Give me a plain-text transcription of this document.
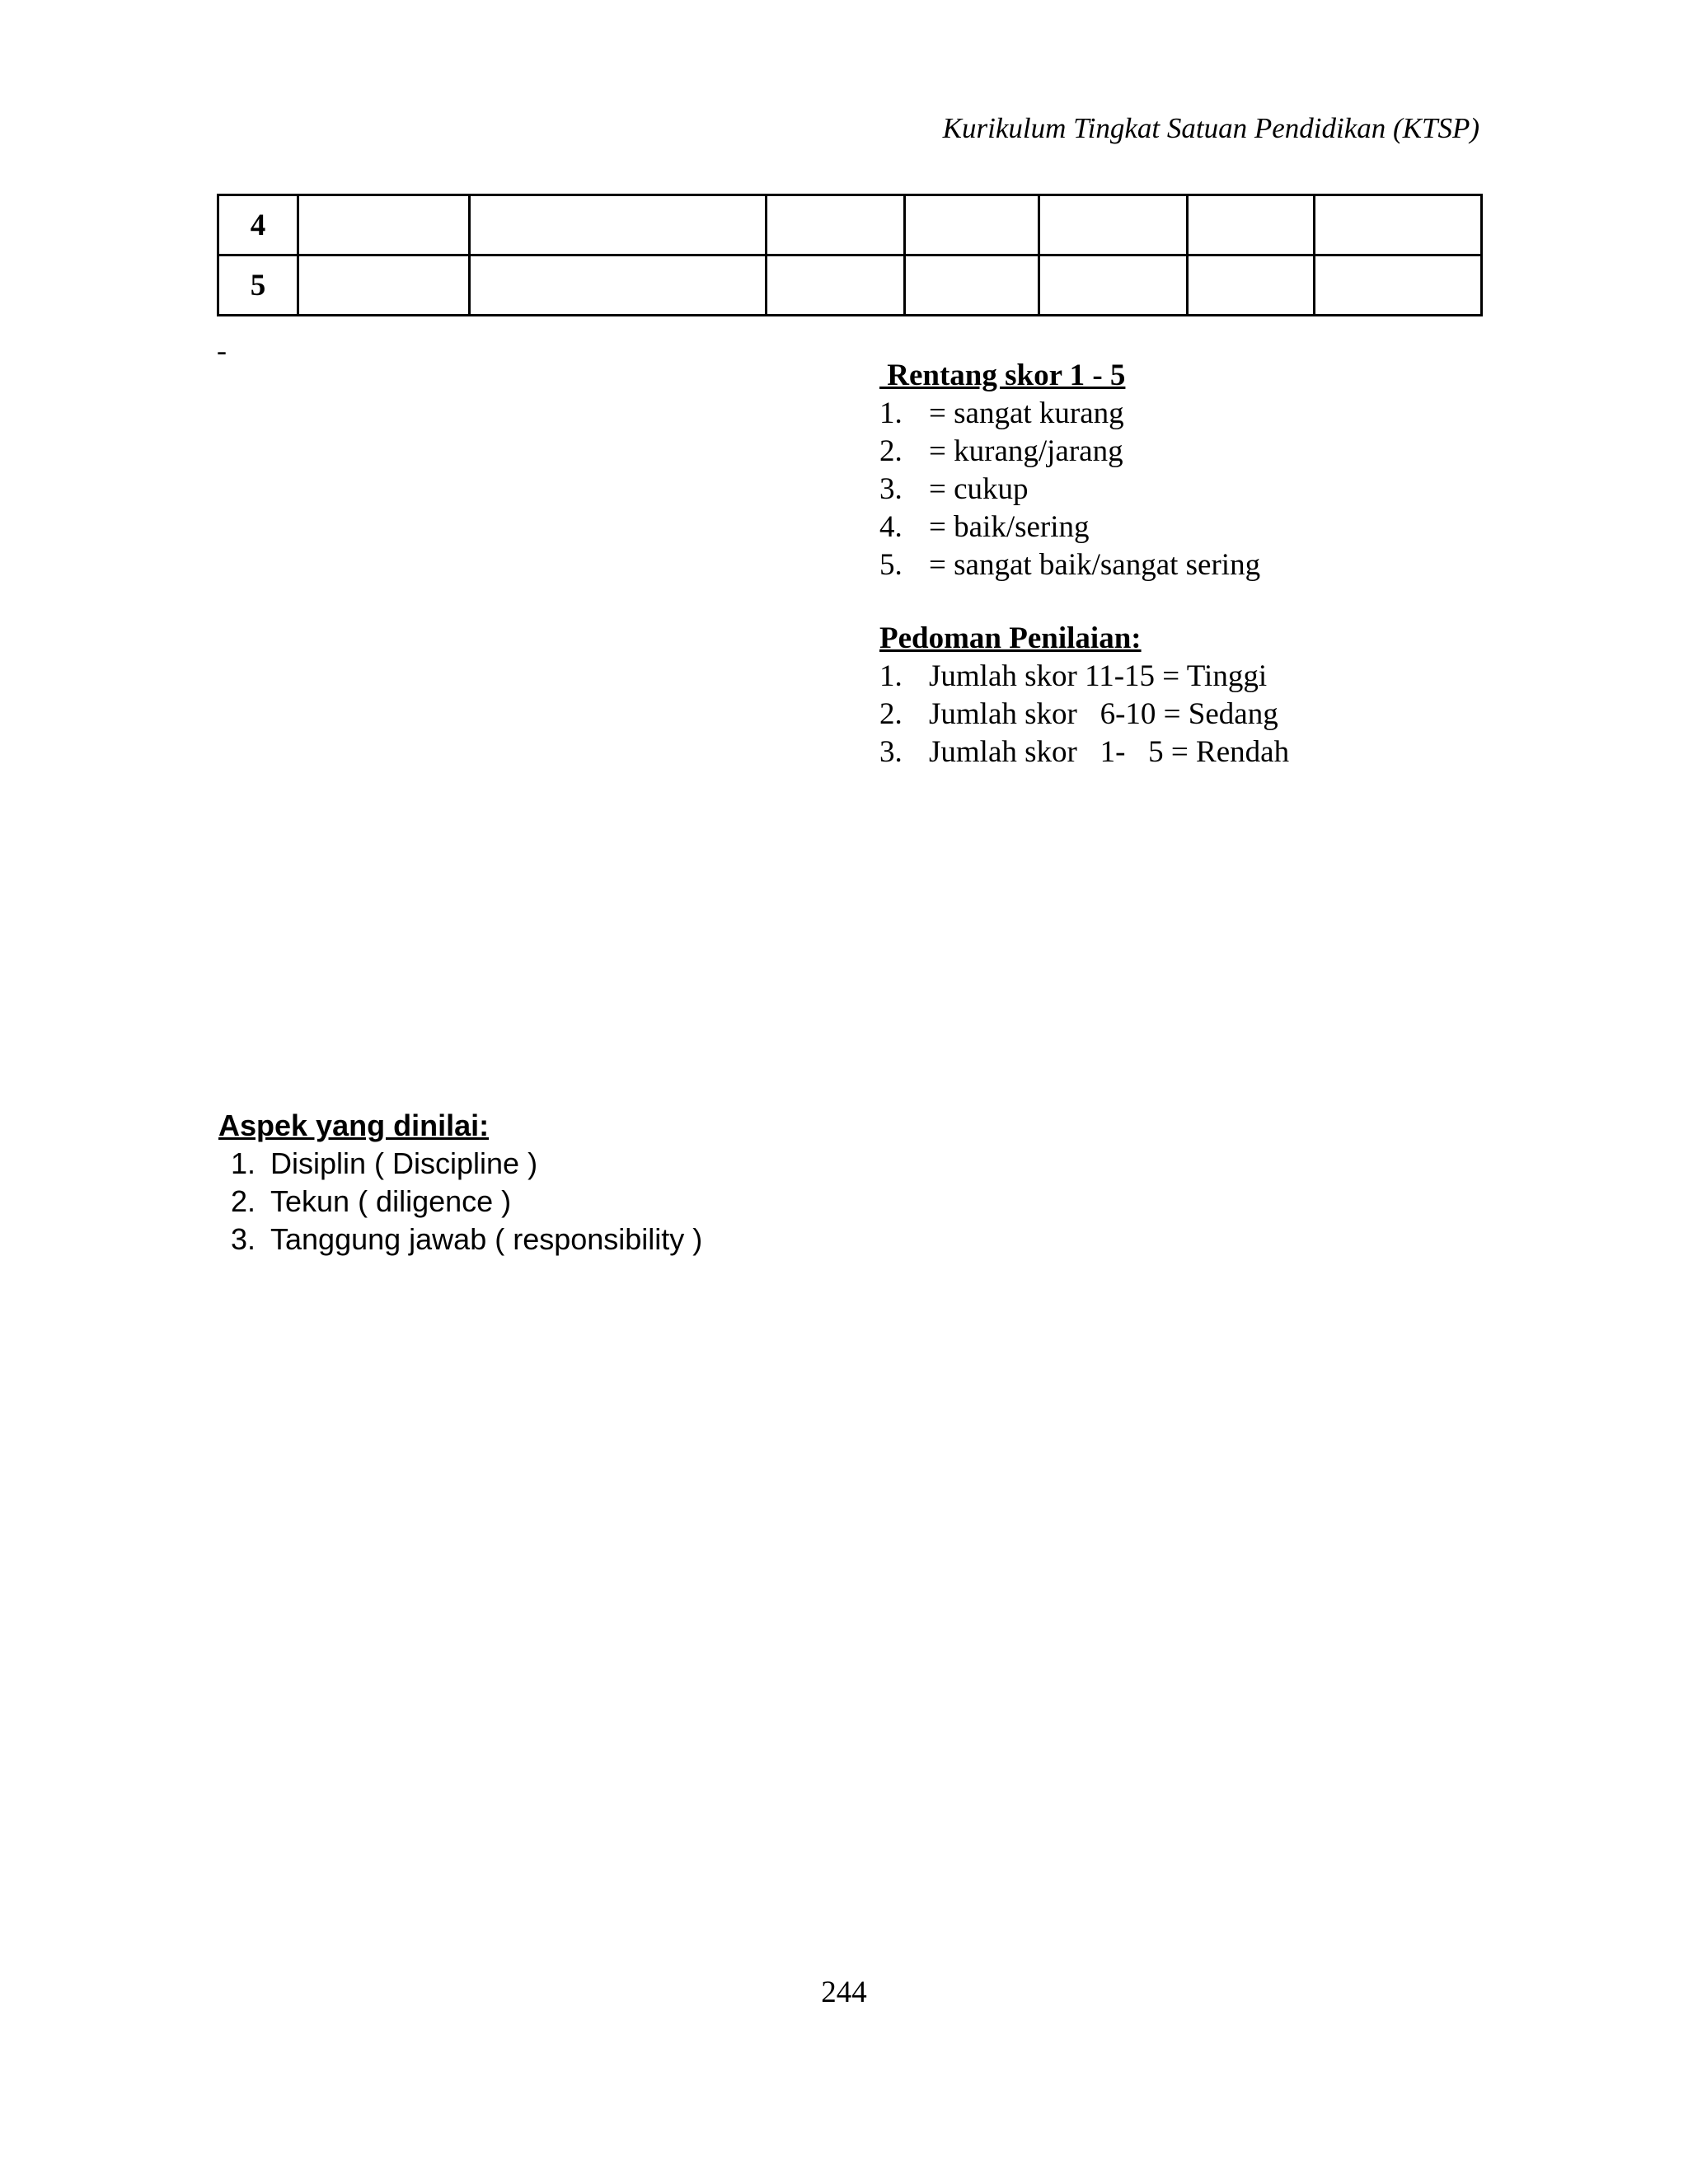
Kurikulum Tingkat Satuan Pendidikan (KTSP)
4							
5							
-
Rentang skor 1 - 5
1. = sangat kurang
2. = kurang/jarang
3. = cukup
4. = baik/sering
5. = sangat baik/sangat sering
Pedoman Penilaian:
1. Jumlah skor 11-15 = Tinggi
2. Jumlah skor   6-10 = Sedang
3. Jumlah skor   1-   5 = Rendah
Aspek yang dinilai:
1. Disiplin ( Discipline )
2. Tekun ( diligence )
3. Tanggung jawab ( responsibility )
244
